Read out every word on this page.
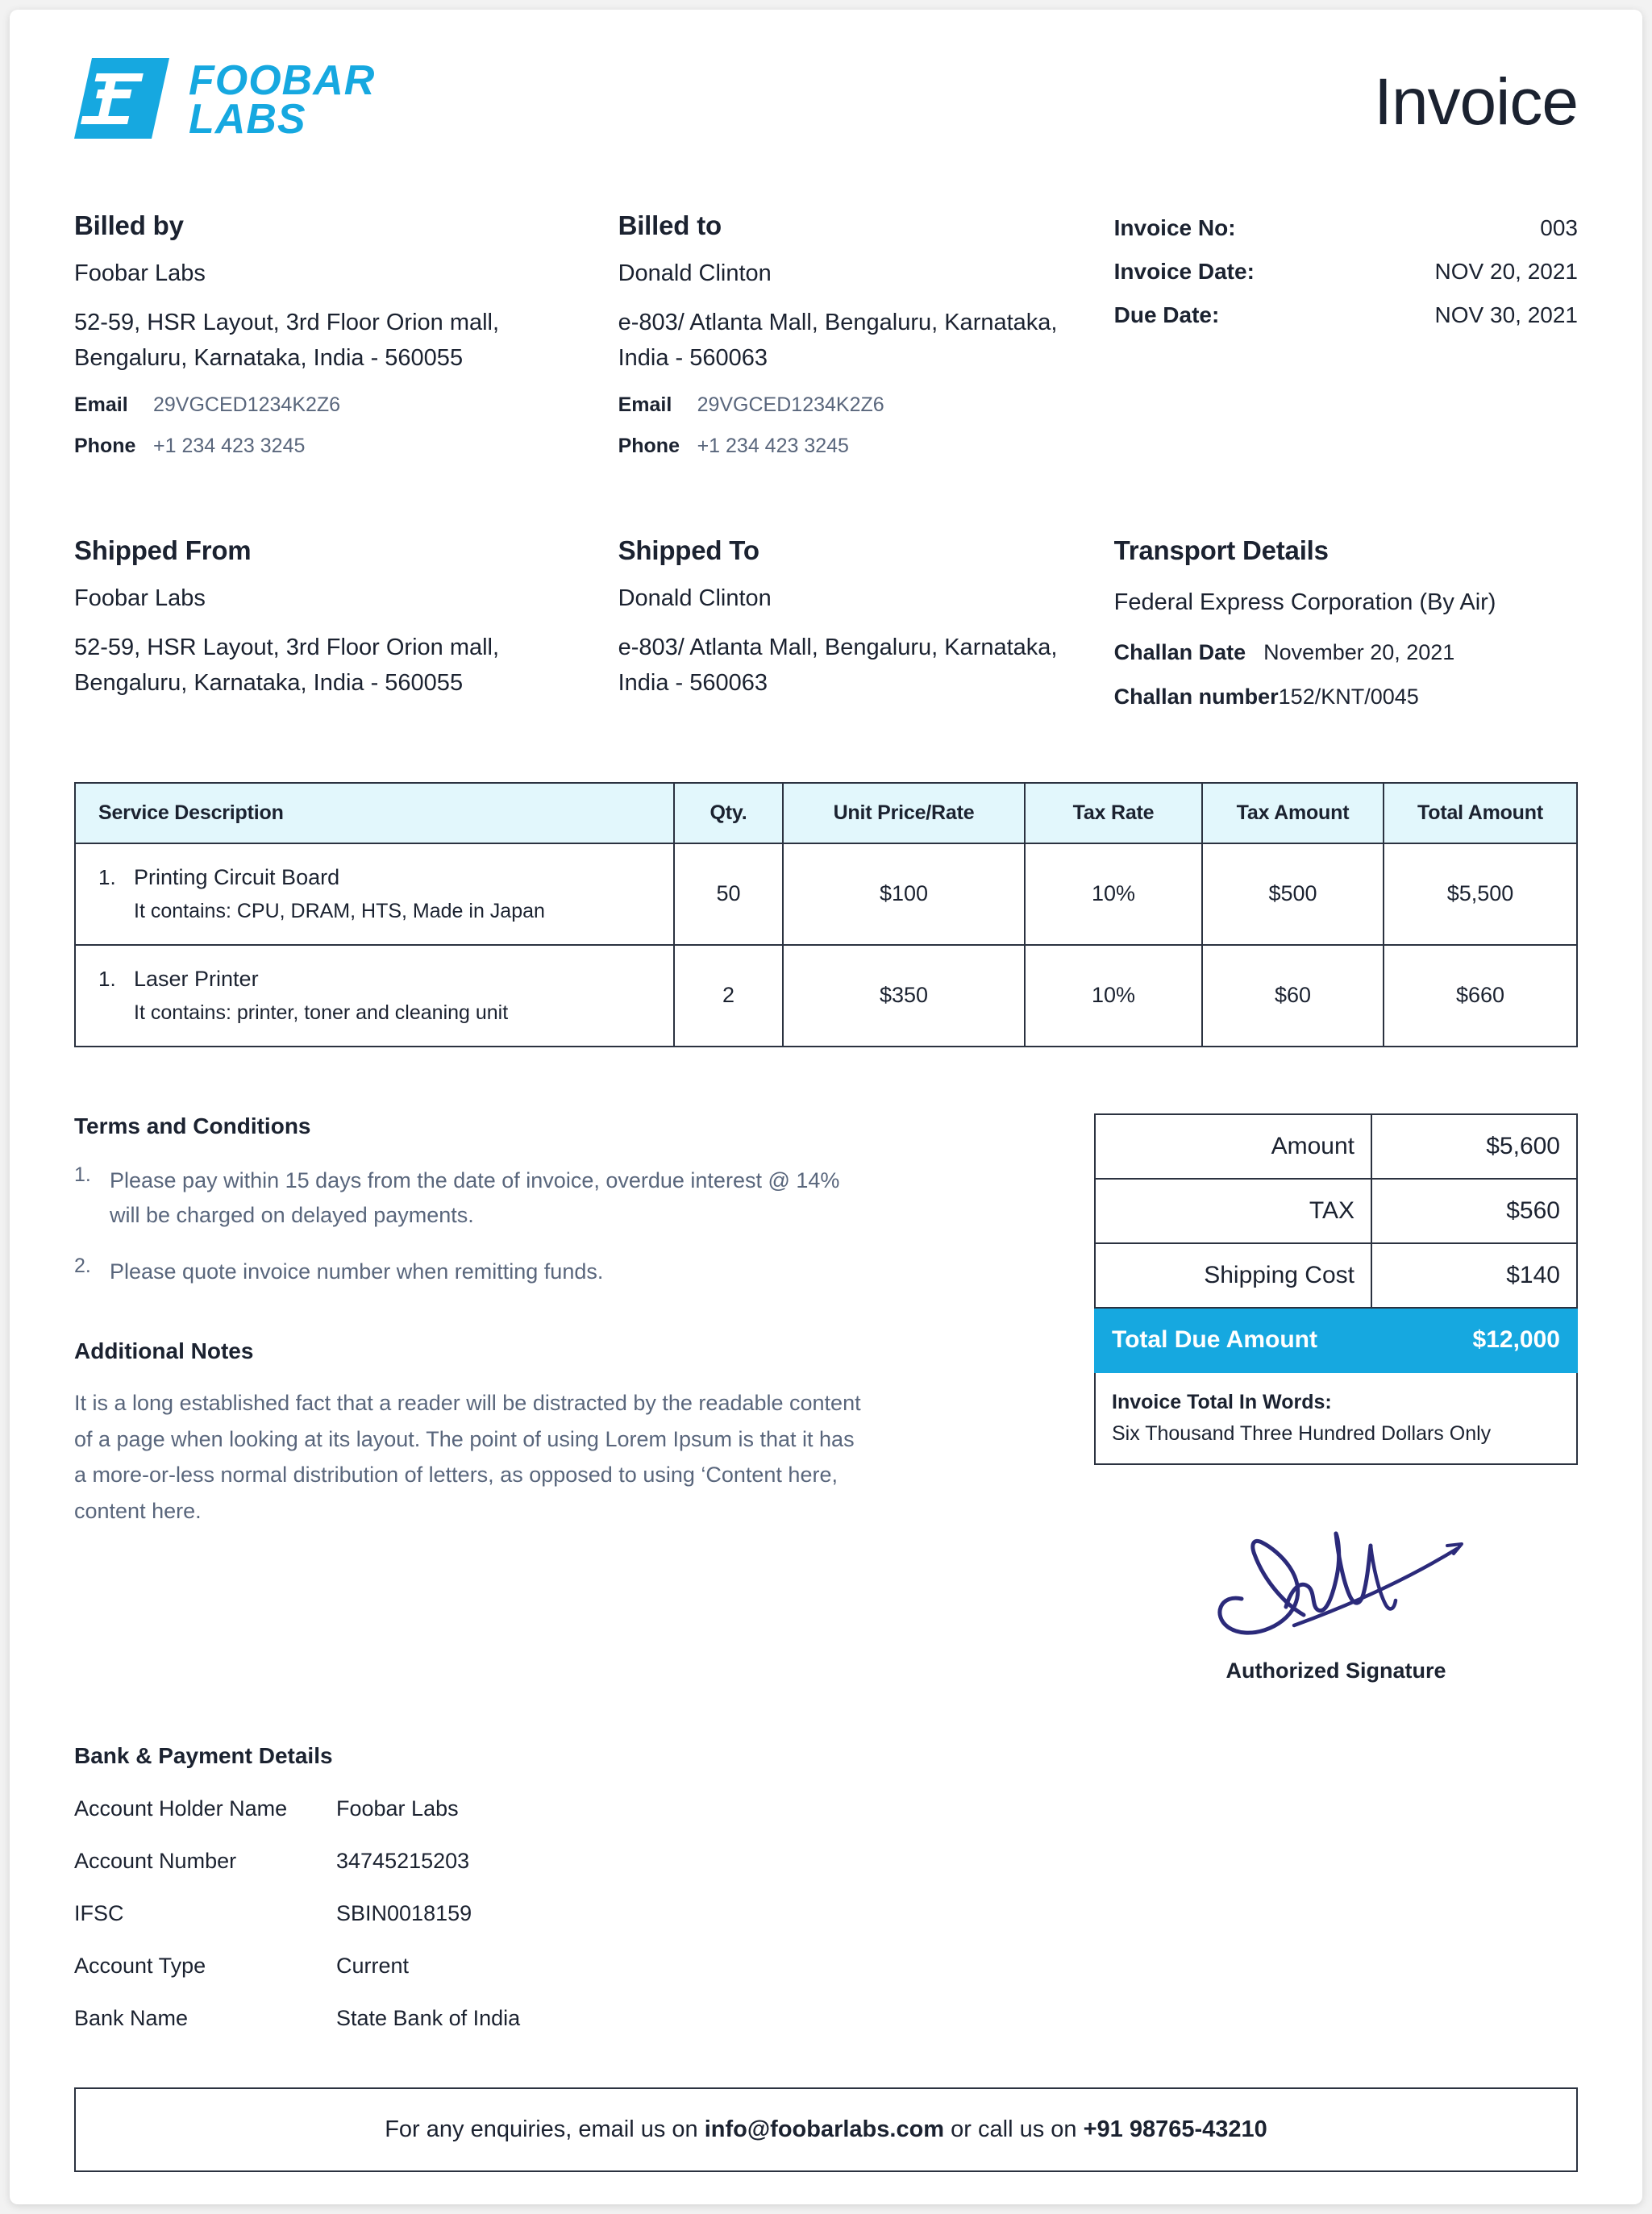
FOOBAR
LABS	Invoice
Billed by
Foobar Labs
52-59, HSR Layout, 3rd Floor Orion mall, Bengaluru, Karnataka, India - 560055
Email	29VGCED1234K2Z6
Phone +1 234 423 3245
Billed to
Donald Clinton
e-803/ Atlanta Mall, Bengaluru, Karnataka, India - 560063
Email	29VGCED1234K2Z6
Phone +1 234 423 3245
Invoice No:	003
Invoice Date:	NOV 20, 2021
Due Date:	NOV 30, 2021
Shipped From
Foobar Labs
52-59, HSR Layout, 3rd Floor Orion mall, Bengaluru, Karnataka, India - 560055
Shipped To
Donald Clinton
e-803/ Atlanta Mall, Bengaluru, Karnataka, India - 560063
Transport Details
Federal Express Corporation (By Air)
Challan Date November 20, 2021
Challan number 152/KNT/0045
Service Description	Qty.	Unit Price/Rate	Tax Rate	Tax Amount	Total Amount

1. Printing Circuit Board
It contains: CPU, DRAM, HTS, Made in Japan	50	$100	10%	$500	$5,500

1. Laser Printer
It contains: printer, toner and cleaning unit	2	$350	10%	$60	$660
Terms and Conditions
1. Please pay within 15 days from the date of invoice, overdue interest @ 14% will be charged on delayed payments.
2. Please quote invoice number when remitting funds.
Additional Notes
It is a long established fact that a reader will be distracted by the readable content of a page when looking at its layout. The point of using Lorem Ipsum is that it has a more-or-less normal distribution of letters, as opposed to using ‘Content here, content here.
Amount	$5,600
TAX	$560
Shipping Cost	$140
Total Due Amount	$12,000

Invoice Total In Words:
Six Thousand Three Hundred Dollars Only	
Authorized Signature
Bank & Payment Details
Account Holder Name	Foobar Labs
Account Number	34745215203
IFSC	SBIN0018159
Account Type	Current
Bank Name	State Bank of India
For any enquiries, email us on info@foobarlabs.com or call us on +91 98765-43210
